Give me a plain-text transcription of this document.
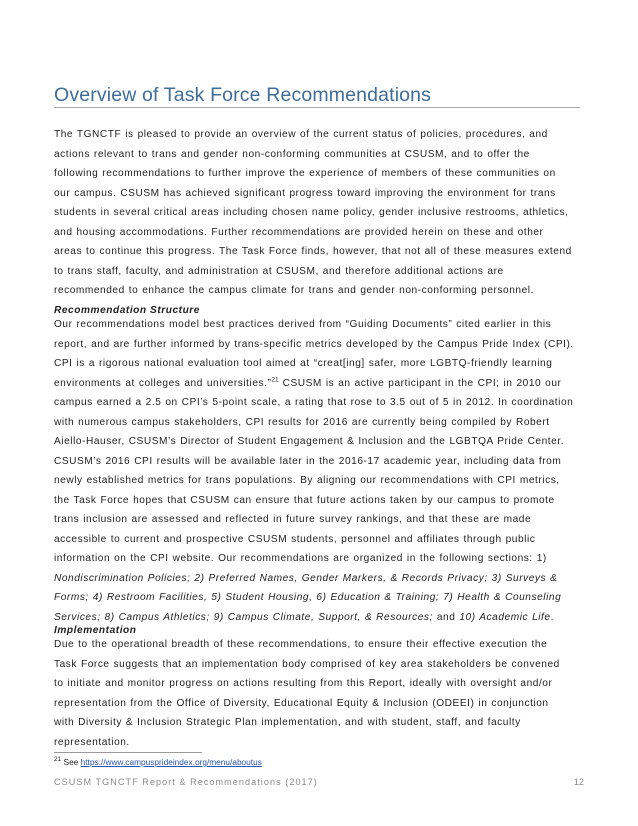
Overview of Task Force Recommendations
The TGNCTF is pleased to provide an overview of the current status of policies, procedures, and
actions relevant to trans and gender non-conforming communities at CSUSM, and to offer the
following recommendations to further improve the experience of members of these communities on
our campus. CSUSM has achieved significant progress toward improving the environment for trans
students in several critical areas including chosen name policy, gender inclusive restrooms, athletics,
and housing accommodations. Further recommendations are provided herein on these and other
areas to continue this progress. The Task Force finds, however, that not all of these measures extend
to trans staff, faculty, and administration at CSUSM, and therefore additional actions are
recommended to enhance the campus climate for trans and gender non-conforming personnel.
Recommendation Structure
Our recommendations model best practices derived from “Guiding Documents” cited earlier in this
report, and are further informed by trans-specific metrics developed by the Campus Pride Index (CPI).
CPI is a rigorous national evaluation tool aimed at “creat[ing] safer, more LGBTQ-friendly learning
environments at colleges and universities.”$^{21}$ CSUSM is an active participant in the CPI; in 2010 our
campus earned a 2.5 on CPI’s 5-point scale, a rating that rose to 3.5 out of 5 in 2012. In coordination
with numerous campus stakeholders, CPI results for 2016 are currently being compiled by Robert
Aiello-Hauser, CSUSM’s Director of Student Engagement & Inclusion and the LGBTQA Pride Center.
CSUSM’s 2016 CPI results will be available later in the 2016-17 academic year, including data from
newly established metrics for trans populations. By aligning our recommendations with CPI metrics,
the Task Force hopes that CSUSM can ensure that future actions taken by our campus to promote
trans inclusion are assessed and reflected in future survey rankings, and that these are made
accessible to current and prospective CSUSM students, personnel and affiliates through public
information on the CPI website. Our recommendations are organized in the following sections: 1)
Nondiscrimination Policies; 2) Preferred Names, Gender Markers, & Records Privacy; 3) Surveys &
Forms; 4) Restroom Facilities, 5) Student Housing, 6) Education & Training; 7) Health & Counseling
Services; 8) Campus Athletics; 9) Campus Climate, Support, & Resources; and 10) Academic Life.
Implementation
Due to the operational breadth of these recommendations, to ensure their effective execution the
Task Force suggests that an implementation body comprised of key area stakeholders be convened
to initiate and monitor progress on actions resulting from this Report, ideally with oversight and/or
representation from the Office of Diversity, Educational Equity & Inclusion (ODEEI) in conjunction
with Diversity & Inclusion Strategic Plan implementation, and with student, staff, and faculty
representation.
$^{21}$ See https://www.campusprideindex.org/menu/aboutus
CSUSM TGNCTF Report & Recommendations (2017)	12
